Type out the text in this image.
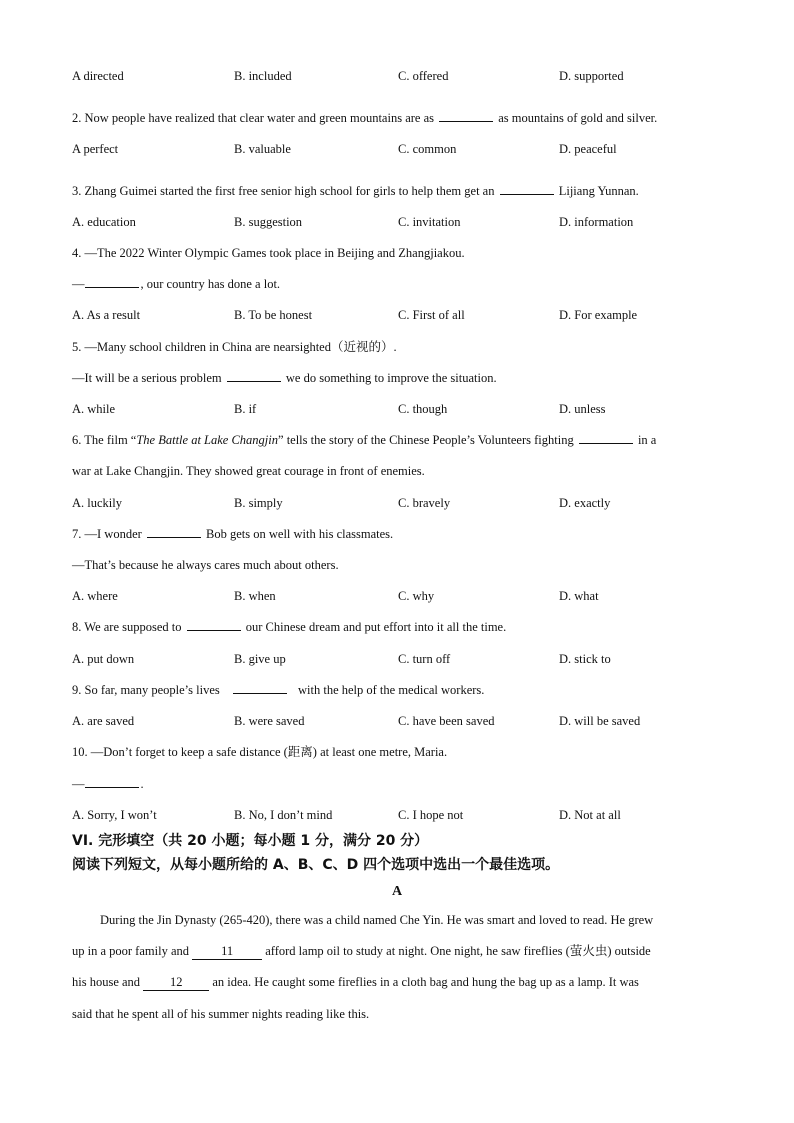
A directed	B. included	C. offered	D. supported
2. Now people have realized that clear water and green mountains are as	as mountains of gold and silver.
A perfect	B. valuable	C. common	D. peaceful
3. Zhang Guimei started the first free senior high school for girls to help them get an	Lijiang Yunnan.
A. education	B. suggestion	C. invitation	D. information
4. —The 2022 Winter Olympic Games took place in Beijing and Zhangjiakou.
—	, our country has done a lot.
A. As a result	B. To be honest	C. First of all	D. For example
5. —Many school children in China are nearsighted（近视的）.
—It will be a serious problem	we do something to improve the situation.
A. while	B. if	C. though	D. unless
6. The film “The Battle at Lake Changjin” tells the story of the Chinese People’s Volunteers fighting	in a
war at Lake Changjin. They showed great courage in front of enemies.
A. luckily	B. simply	C. bravely	D. exactly
7. —I wonder	Bob gets on well with his classmates.
—That’s because he always cares much about others.
A. where	B. when	C. why	D. what
8. We are supposed to	our Chinese dream and put effort into it all the time.
A. put down	B. give up	C. turn off	D. stick to
9. So far, many people’s lives	with the help of the medical workers.
A. are saved	B. were saved	C. have been saved	D. will be saved
10. —Don’t forget to keep a safe distance (距离) at least one metre, Maria.
—	.
A. Sorry, I won’t	B. No, I don’t mind	C. I hope not	D. Not at all
VI. 完形填空（共 20 小题；每小题 1 分，满分 20 分）
阅读下列短文，从每小题所给的 A、B、C、D 四个选项中选出一个最佳选项。
A
During the Jin Dynasty (265-420), there was a child named Che Yin. He was smart and loved to read. He grew
up in a poor family and	11	afford lamp oil to study at night. One night, he saw fireflies (萤火虫) outside
his house and 12 an idea. He caught some fireflies in a cloth bag and hung the bag up as a lamp. It was
said that he spent all of his summer nights reading like this.
